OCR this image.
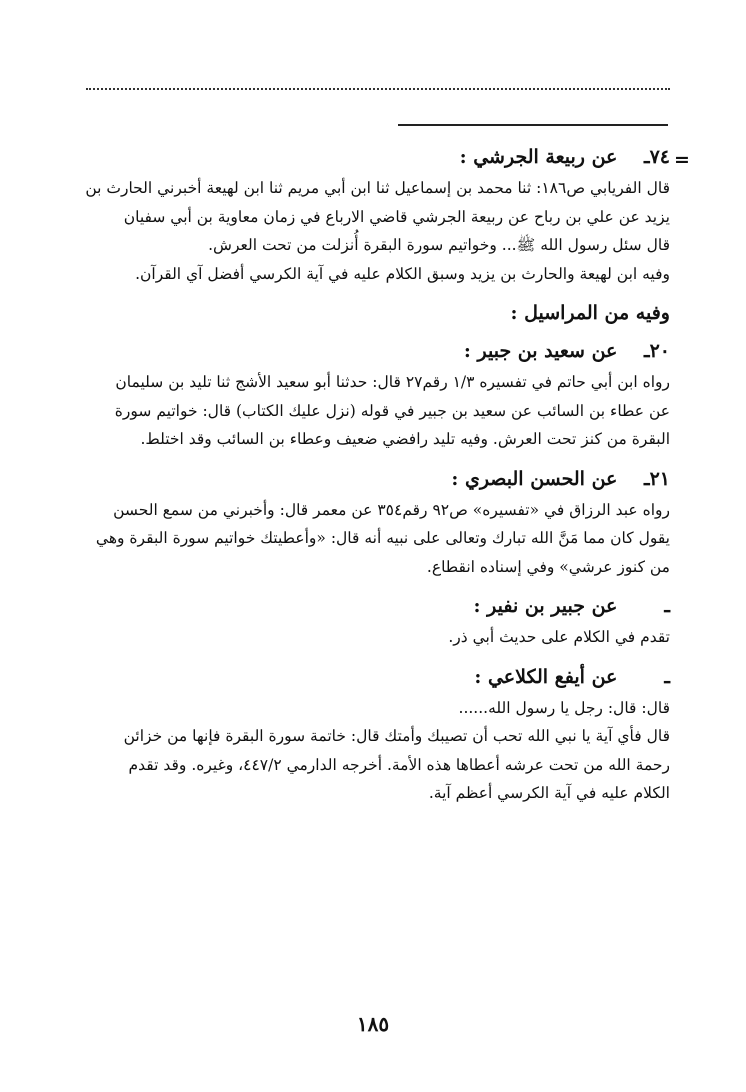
=
٧٤ـ عن ربيعة الجرشي :

قال الفريابي ص١٨٦: ثنا محمد بن إسماعيل ثنا ابن أبي مريم ثنا ابن لهيعة أخبرني الحارث بن

يزيد عن علي بن رباح عن ربيعة الجرشي قاضي الارباع في زمان معاوية بن أبي سفيان

قال سئل رسول الله ﷺ... وخواتيم سورة البقرة أُنزلت من تحت العرش.

وفيه ابن لهيعة والحارث بن يزيد وسبق الكلام عليه في آية الكرسي أفضل آي القرآن.

وفيه من المراسيل :
٢٠ـ عن سعيد بن جبير :

رواه ابن أبي حاتم في تفسيره ١/٣ رقم٢٧ قال: حدثنا أبو سعيد الأشج ثنا تليد بن سليمان

عن عطاء بن السائب عن سعيد بن جبير في قوله (نزل عليك الكتاب) قال: خواتيم سورة

البقرة من كنز تحت العرش. وفيه تليد رافضي ضعيف وعطاء بن السائب وقد اختلط.

٢١ـ عن الحسن البصري :

رواه عبد الرزاق في «تفسيره» ص٩٢ رقم٣٥٤ عن معمر قال: وأخبرني من سمع الحسن

يقول كان مما مَنَّ الله تبارك وتعالى على نبيه أنه قال: «وأعطيتك خواتيم سورة البقرة وهي

من كنوز عرشي» وفي إسناده انقطاع.

ـ عن جبير بن نفير :

تقدم في الكلام على حديث أبي ذر.

ـ عن أيفع الكلاعي :

قال: قال: رجل يا رسول الله......

قال فأي آية يا نبي الله تحب أن تصيبك وأمتك قال: خاتمة سورة البقرة فإنها من خزائن

رحمة الله من تحت عرشه أعطاها هذه الأمة. أخرجه الدارمي ٤٤٧/٢، وغيره. وقد تقدم

الكلام عليه في آية الكرسي أعظم آية.

١٨٥
